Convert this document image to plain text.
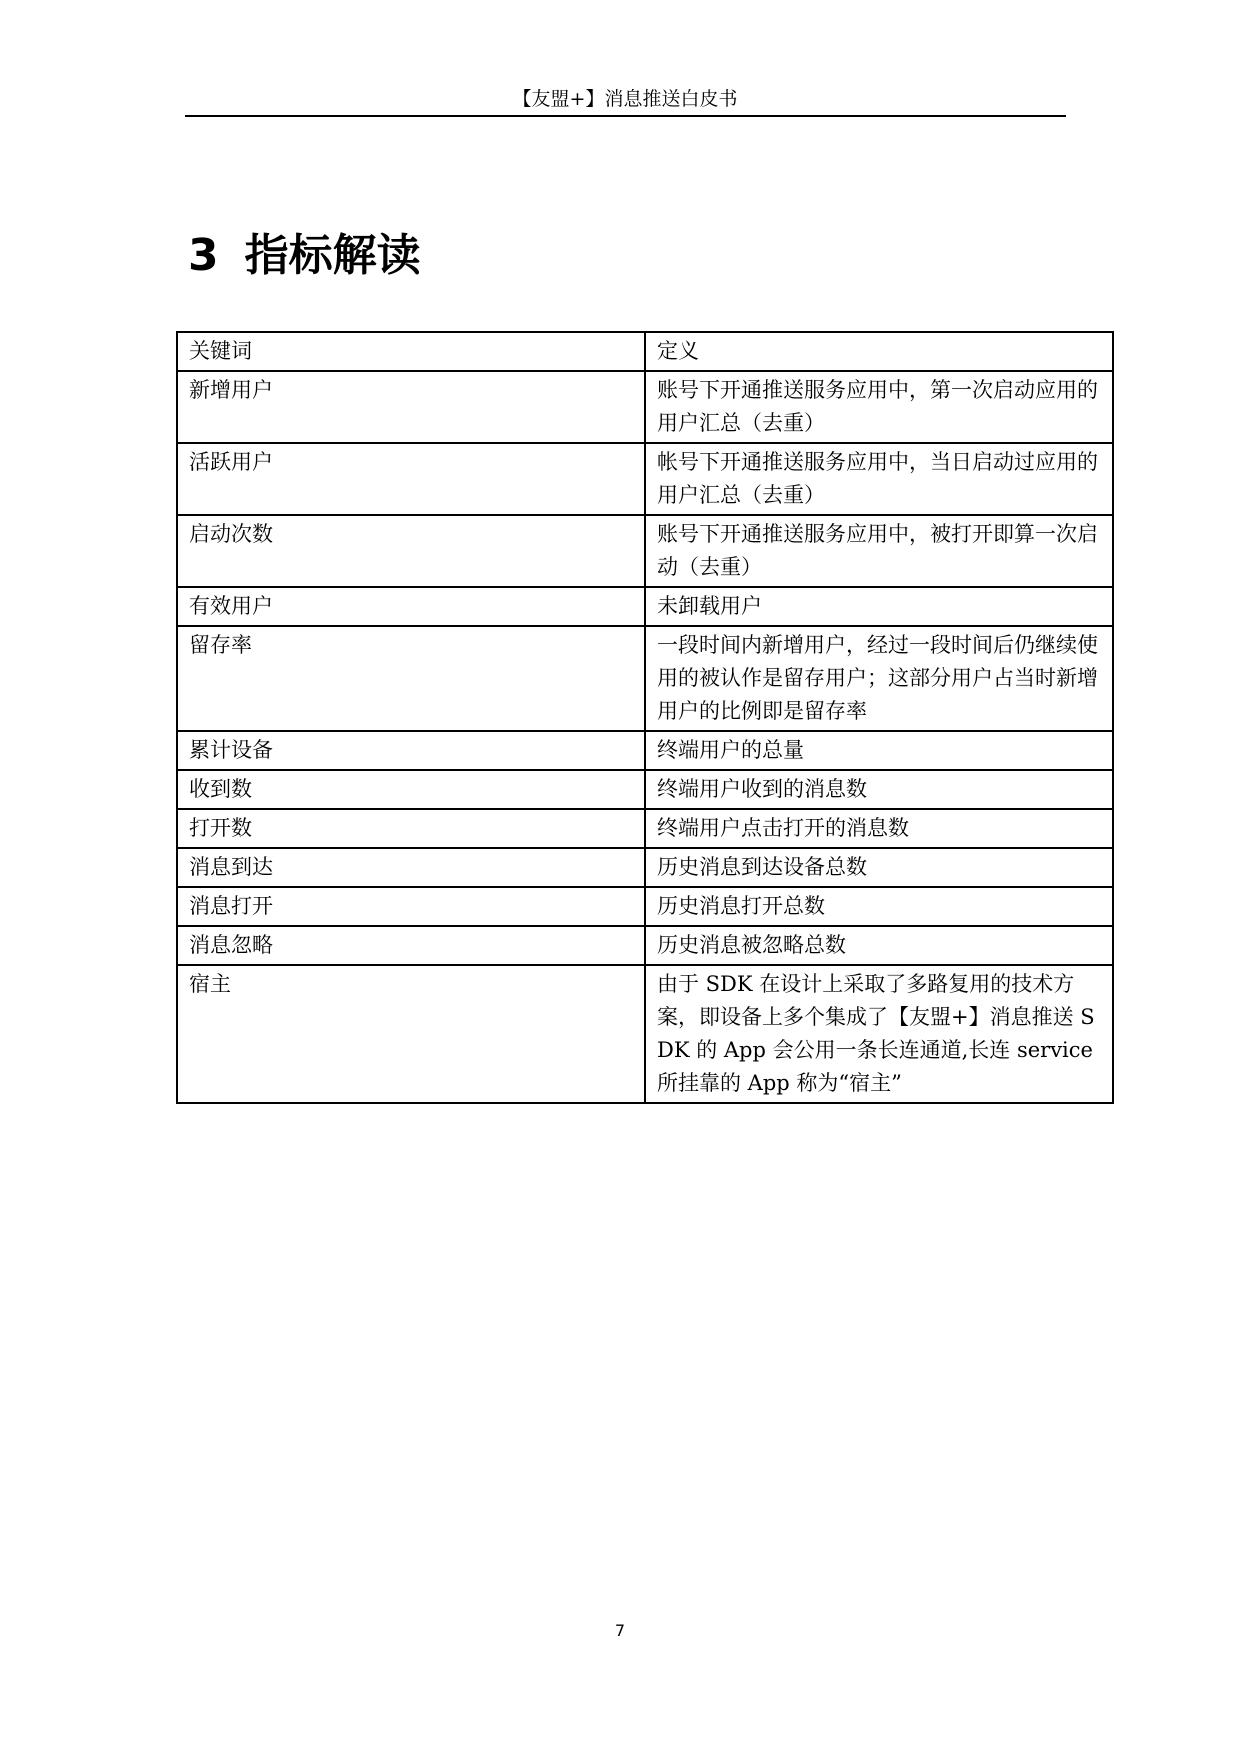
【友盟+】消息推送白皮书
3 指标解读
关键词	定义
新增用户	账号下开通推送服务应用中，第一次启动应用的用户汇总（去重）
活跃用户	帐号下开通推送服务应用中，当日启动过应用的用户汇总（去重）
启动次数	账号下开通推送服务应用中，被打开即算一次启动（去重）
有效用户	未卸载用户
留存率	一段时间内新增用户，经过一段时间后仍继续使用的被认作是留存用户；这部分用户占当时新增用户的比例即是留存率
累计设备	终端用户的总量
收到数	终端用户收到的消息数
打开数	终端用户点击打开的消息数
消息到达	历史消息到达设备总数
消息打开	历史消息打开总数
消息忽略	历史消息被忽略总数
宿主	由于 SDK 在设计上采取了多路复用的技术方案，即设备上多个集成了【友盟+】消息推送 SDK 的 App 会公用一条长连通道,长连 service 所挂靠的 App 称为“宿主”
7
